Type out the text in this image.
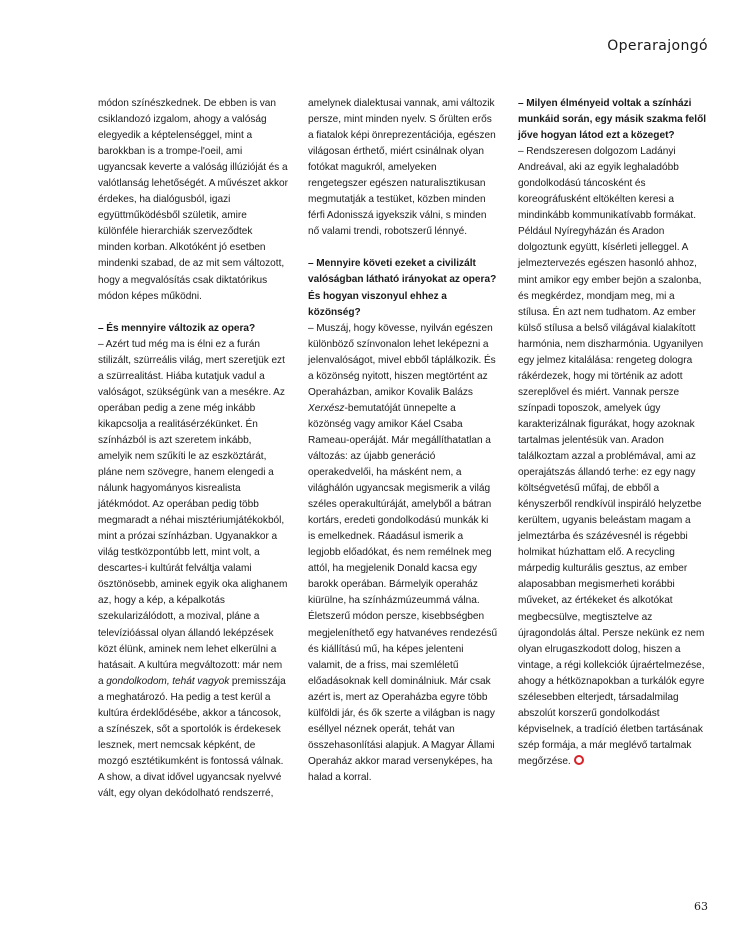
Operarajongó

módon színészkednek. De ebben is van csiklandozó izgalom, ahogy a valóság elegyedik a képtelenséggel, mint a barokkban is a trompe-l'oeil, ami ugyancsak keverte a valóság illúzióját és a valótlanság lehetőségét. A művészet akkor érdekes, ha dialógusból, igazi együttműködésből születik, amire különféle hierarchiák szerveződtek minden korban. Alkotóként jó esetben mindenki szabad, de az mit sem változott, hogy a megvalósítás csak diktatórikus módon képes működni.

– És mennyire változik az opera?

– Azért tud még ma is élni ez a furán stilizált, szürreális világ, mert szeretjük ezt a szürrealitást. Hiába kutatjuk vadul a valóságot, szükségünk van a mesékre. Az operában pedig a zene még inkább kikapcsolja a realitásérzékünket. Én színházból is azt szeretem inkább, amelyik nem szűkíti le az eszköztárát, pláne nem szövegre, hanem elengedi a nálunk hagyományos kisrealista játékmódot. Az operában pedig több megmaradt a néhai misztériumjátékokból, mint a prózai színházban. Ugyanakkor a világ testközpontúbb lett, mint volt, a descartes-i kultúrát felváltja valami ösztönösebb, aminek egyik oka alighanem az, hogy a kép, a képalkotás szekularizálódott, a mozival, pláne a televízióással olyan állandó leképzések közt élünk, aminek nem lehet elkerülni a hatásait. A kultúra megváltozott: már nem a gondolkodom, tehát vagyok premisszája a meghatározó. Ha pedig a test kerül a kultúra érdeklődésébe, akkor a táncosok, a színészek, sőt a sportolók is érdekesek lesznek, mert nemcsak képként, de mozgó esztétikumként is fontossá válnak. A show, a divat idővel ugyancsak nyelvvé vált, egy olyan dekódolható rendszerré,

amelynek dialektusai vannak, ami változik persze, mint minden nyelv. S őrülten erős a fiatalok képi önreprezentációja, egészen világosan érthető, miért csinálnak olyan fotókat magukról, amelyeken rengetegszer egészen naturalisztikusan megmutatják a testüket, közben minden férfi Adonisszá igyekszik válni, s minden nő valami trendi, robotszerű lénnyé.

– Mennyire követi ezeket a civilizált valóságban látható irányokat az opera? És hogyan viszonyul ehhez a közönség?

– Muszáj, hogy kövesse, nyilván egészen különböző színvonalon lehet leképezni a jelenvalóságot, mivel ebből táplálkozik. És a közönség nyitott, hiszen megtörtént az Operaházban, amikor Kovalik Balázs Xerxész-bemutatóját ünnepelte a közönség vagy amikor Káel Csaba Rameau-operáját. Már megállíthatatlan a változás: az újabb generáció operakedvelői, ha másként nem, a világhálón ugyancsak megismerik a világ széles operakultúráját, amelyből a bátran kortárs, eredeti gondolkodású munkák ki is emelkednek. Ráadásul ismerik a legjobb előadókat, és nem remélnek meg attól, ha megjelenik Donald kacsa egy barokk operában. Bármelyik operaház kiürülne, ha színházmúzeummá válna. Életszerű módon persze, kisebbségben megjeleníthető egy hatvanéves rendezésű és kiállítású mű, ha képes jelenteni valamit, de a friss, mai szemléletű előadásoknak kell dominálniuk. Már csak azért is, mert az Operaházba egyre több külföldi jár, és ők szerte a világban is nagy eséllyel néznek operát, tehát van összehasonlítási alapjuk. A Magyar Állami Operaház akkor marad versenyképes, ha halad a korral.

– Milyen élményeid voltak a színházi munkáid során, egy másik szakma felől jőve hogyan látod ezt a közeget?

– Rendszeresen dolgozom Ladányi Andreával, aki az egyik leghaladóbb gondolkodású táncosként és koreográfusként eltökélten keresi a mindinkább kommunikatívabb formákat. Például Nyíregyházán és Aradon dolgoztunk együtt, kísérleti jelleggel. A jelmeztervezés egészen hasonló ahhoz, mint amikor egy ember bejön a szalonba, és megkérdez, mondjam meg, mi a stílusa. Én azt nem tudhatom. Az ember külső stílusa a belső világával kialakított harmónia, nem diszharmónia. Ugyanilyen egy jelmez kitalálása: rengeteg dologra rákérdezek, hogy mi történik az adott szereplővel és miért. Vannak persze színpadi toposzok, amelyek úgy karakterizálnak figurákat, hogy azoknak tartalmas jelentésük van. Aradon találkoztam azzal a problémával, ami az operajátszás állandó terhe: ez egy nagy költségvetésű műfaj, de ebből a kényszerből rendkívül inspiráló helyzetbe kerültem, ugyanis beleástam magam a jelmeztárba és százévesnél is régebbi holmikat húzhattam elő. A recycling márpedig kulturális gesztus, az ember alaposabban megismerheti korábbi műveket, az értékeket és alkotókat megbecsülve, megtisztelve az újragondolás által. Persze nekünk ez nem olyan elrugaszkodott dolog, hiszen a vintage, a régi kollekciók újraértelmezése, ahogy a hétköznapokban a turkálók egyre szélesebben elterjedt, társadalmilag abszolút korszerű gondolkodást képviselnek, a tradíció életben tartásának szép formája, a már meglévő tartalmak megőrzése.

63
